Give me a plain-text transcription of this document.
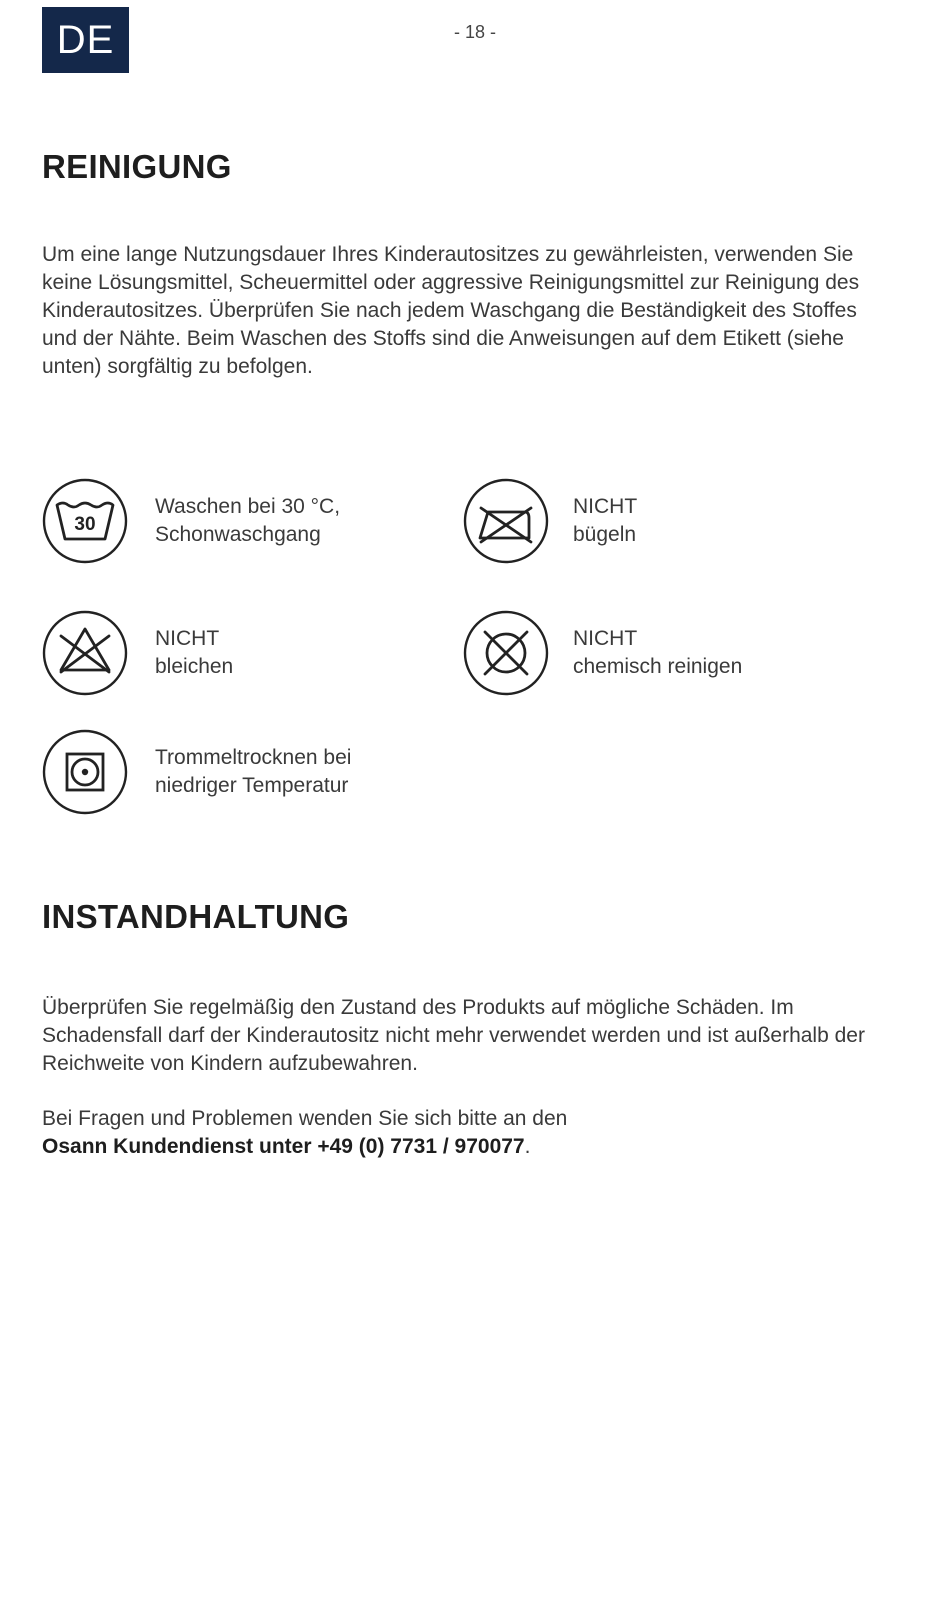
DE	- 18 -
REINIGUNG

Um eine lange Nutzungsdauer Ihres Kinderautositzes zu gewährleisten, verwenden Sie keine Lösungsmittel, Scheuermittel oder aggressive Reinigungsmittel zur Reinigung des Kinderautositzes. Überprüfen Sie nach jedem Waschgang die Beständigkeit des Stoffes und der Nähte. Beim Waschen des Stoffs sind die Anweisungen auf dem Etikett (siehe unten) sorgfältig zu befolgen.

30
Waschen bei 30 °C,
Schonwaschgang
NICHT
bügeln
NICHT
bleichen
NICHT
chemisch reinigen
Trommeltrocknen bei
niedriger Temperatur
INSTANDHALTUNG

Überprüfen Sie regelmäßig den Zustand des Produkts auf mögliche Schäden. Im Schadensfall darf der Kinderautositz nicht mehr verwendet werden und ist außerhalb der Reichweite von Kindern aufzubewahren.

Bei Fragen und Problemen wenden Sie sich bitte an den
Osann Kundendienst unter +49 (0) 7731 / 970077.
